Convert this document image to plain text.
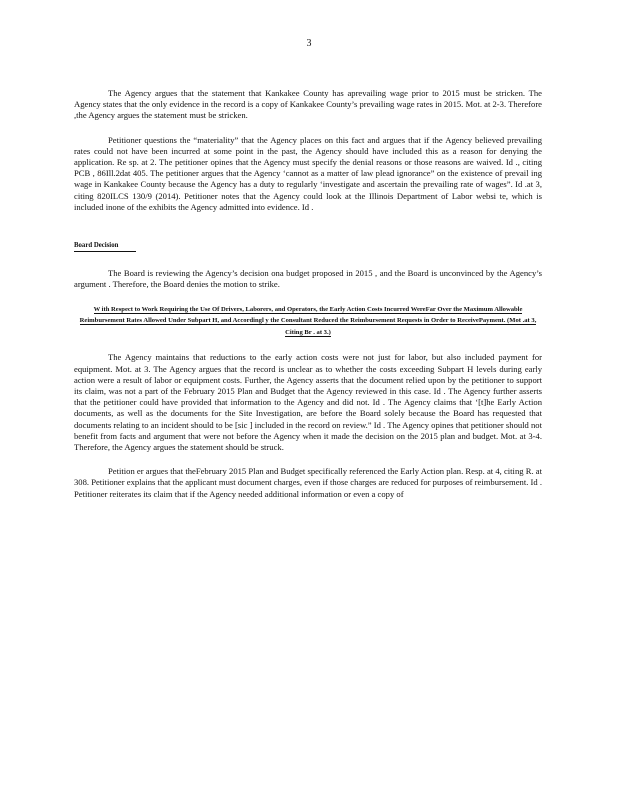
3

The Agency argues that the statement that Kankakee County has aprevailing wage prior to 2015 must be stricken. The Agency states that the only evidence in the record is a copy of Kankakee County’s prevailing wage rates in 2015. Mot. at 2-3. Therefore ,the Agency argues the statement must be stricken.

Petitioner questions the “materiality” that the Agency places on this fact and argues that if the Agency believed prevailing rates could not have been incurred at some point in the past, the Agency should have included this as a reason for denying the application. Re sp. at 2. The petitioner opines that the Agency must specify the denial reasons or those reasons are waived. Id ., citing PCB , 86Ill.2dat 405. The petitioner argues that the Agency ‘cannot as a matter of law plead ignorance” on the existence of prevail ing wage in Kankakee County because the Agency has a duty to regularly ‘investigate and ascertain the prevailing rate of wages”. Id .at 3, citing 820ILCS 130/9 (2014). Petitioner notes that the Agency could look at the Illinois Department of Labor websi te, which is included inone of the exhibits the Agency admitted into evidence. Id .

Board Decision

The Board is reviewing the Agency’s decision ona budget proposed in 2015 , and the Board is unconvinced by the Agency’s argument . Therefore, the Board denies the motion to strike.

W ith Respect to Work Requiring the Use Of Drivers, Laborers, and Operators, the Early Action Costs Incurred WereFar Over the Maximum Allowable Reimbursement Rates Allowed Under Subpart H, and Accordingl y the Consultant Reduced the Reimbursement Requests in Order to ReceivePayment. (Mot .at 3, Citing Br . at 3.)

The Agency maintains that reductions to the early action costs were not just for labor, but also included payment for equipment. Mot. at 3. The Agency argues that the record is unclear as to whether the costs exceeding Subpart H levels during early action were a result of labor or equipment costs. Further, the Agency asserts that the document relied upon by the petitioner to support its claim, was not a part of the February 2015 Plan and Budget that the Agency reviewed in this case. Id . The Agency further asserts that the petitioner could have provided that information to the Agency and did not. Id . The Agency claims that ‘[t]he Early Action documents, as well as the documents for the Site Investigation, are before the Board solely because the Board has requested that documents relating to an incident should to be [sic ] included in the record on review.” Id . The Agency opines that petitioner should not benefit from facts and argument that were not before the Agency when it made the decision on the 2015 plan and budget. Mot. at 3-4. Therefore, the Agency argues the statement should be struck.

Petition er argues that theFebruary 2015 Plan and Budget specifically referenced the Early Action plan. Resp. at 4, citing R. at 308. Petitioner explains that the applicant must document charges, even if those charges are reduced for purposes of reimbursement. Id . Petitioner reiterates its claim that if the Agency needed additional information or even a copy of
